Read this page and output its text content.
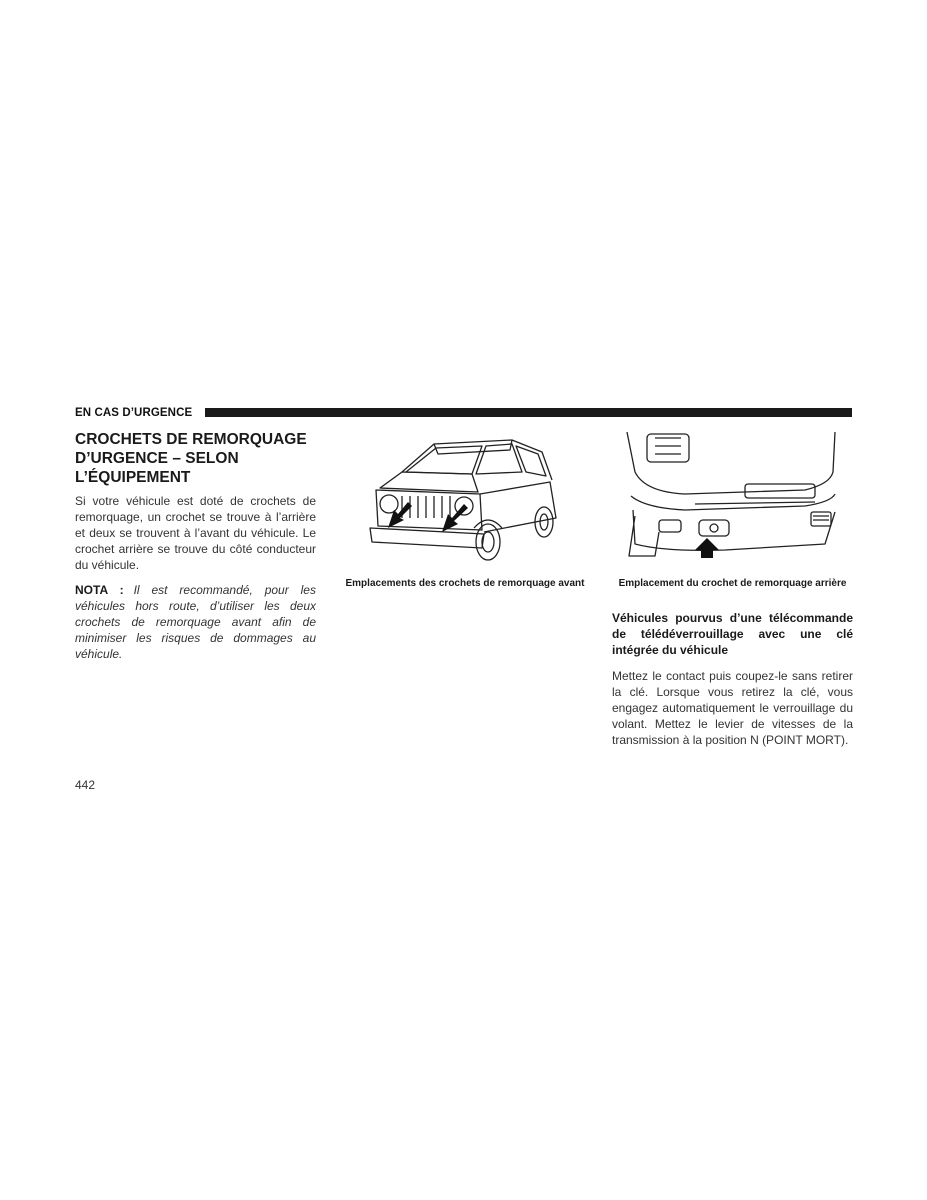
EN CAS D’URGENCE
CROCHETS DE REMORQUAGE D’URGENCE – SELON L’ÉQUIPEMENT

Si votre véhicule est doté de crochets de remorquage, un crochet se trouve à l’arrière et deux se trouvent à l’avant du véhicule. Le crochet arrière se trouve du côté conducteur du véhicule.

NOTA : Il est recommandé, pour les véhicules hors route, d’utiliser les deux crochets de remorquage avant afin de minimiser les risques de dommages au véhicule.

Emplacements des crochets de remorquage avant	Emplacement du crochet de remorquage arrière
Véhicules pourvus d’une télécommande de télédéverrouillage avec une clé intégrée du véhicule

Mettez le contact puis coupez-le sans retirer la clé. Lorsque vous retirez la clé, vous engagez automatiquement le verrouillage du volant. Mettez le levier de vitesses de la transmission à la position N (POINT MORT).

442
